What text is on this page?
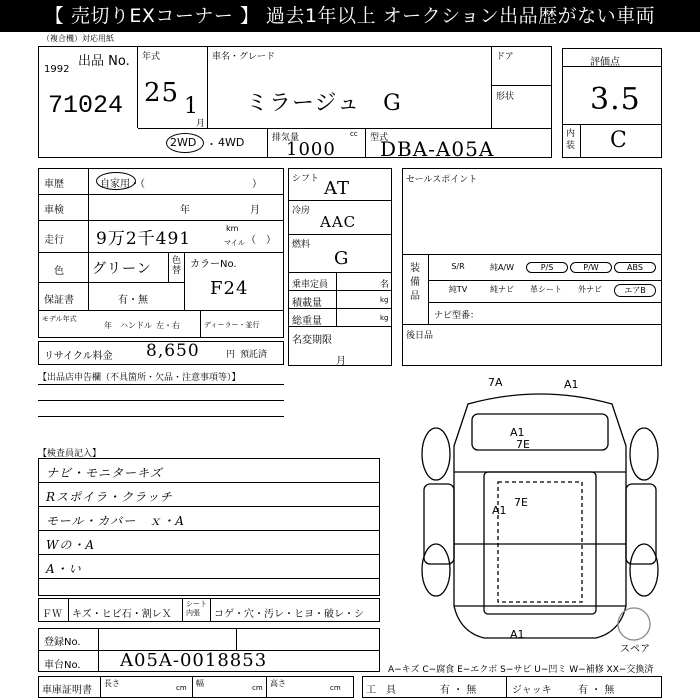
【 売切りEXコーナー 】 過去1年以上 オークション出品歴がない車両
（複合機）対応用紙
出品 No.
1992
71024
年式
25 1
月
車名・グレード
ミラージュ　G
ドア
形状
2WD ・ 4WD	排気量	cc
1000
型式
DBA-A05A
評価点
3.5
内装 C
車歴	自家用・（	）
車検	年	月
走行 9万2千491
km
マイル （　）
色 グリーン 色替
カラーNo.
F24
保証書	有・無
モデル年式
年 ハンドル 左・右	ディーラー・並行
シフト AT
冷房
AAC
燃料
G
乗車定員	名
積載量	kg
総重量	kg
名変期限
月
セールスポイント
装備品
S/R	純A/W	P/S	P/W	ABS
純TV	純ナビ	革シート	外ナビ	エアB
ナビ型番：
後日品
リサイクル料金 8,650	円 預託済
【出品店申告欄（不具箇所・欠品・注意事項等）】
【検査員記入】
ナビ・モニターキズ
Rスポイラ・クラッチ
モール・カバー　ｘ・A
Wの・A
A・い
ＦＷ キズ・ヒビ石・割レＸ
シート内張	コゲ・穴・汚レ・ヒヨ・破レ・シ
登録No.
車台No. A05A-0018853
7A	A1
A1
7E
A1
7E
A1
スペア
A−キズ C−腐食 E−エクボ S−サビ U−凹ミ W−補修 XX−交換済
車庫証明書
長さ	cm 幅	cm 高さ	cm	工　具	有 ・ 無	ジャッキ	有 ・ 無
